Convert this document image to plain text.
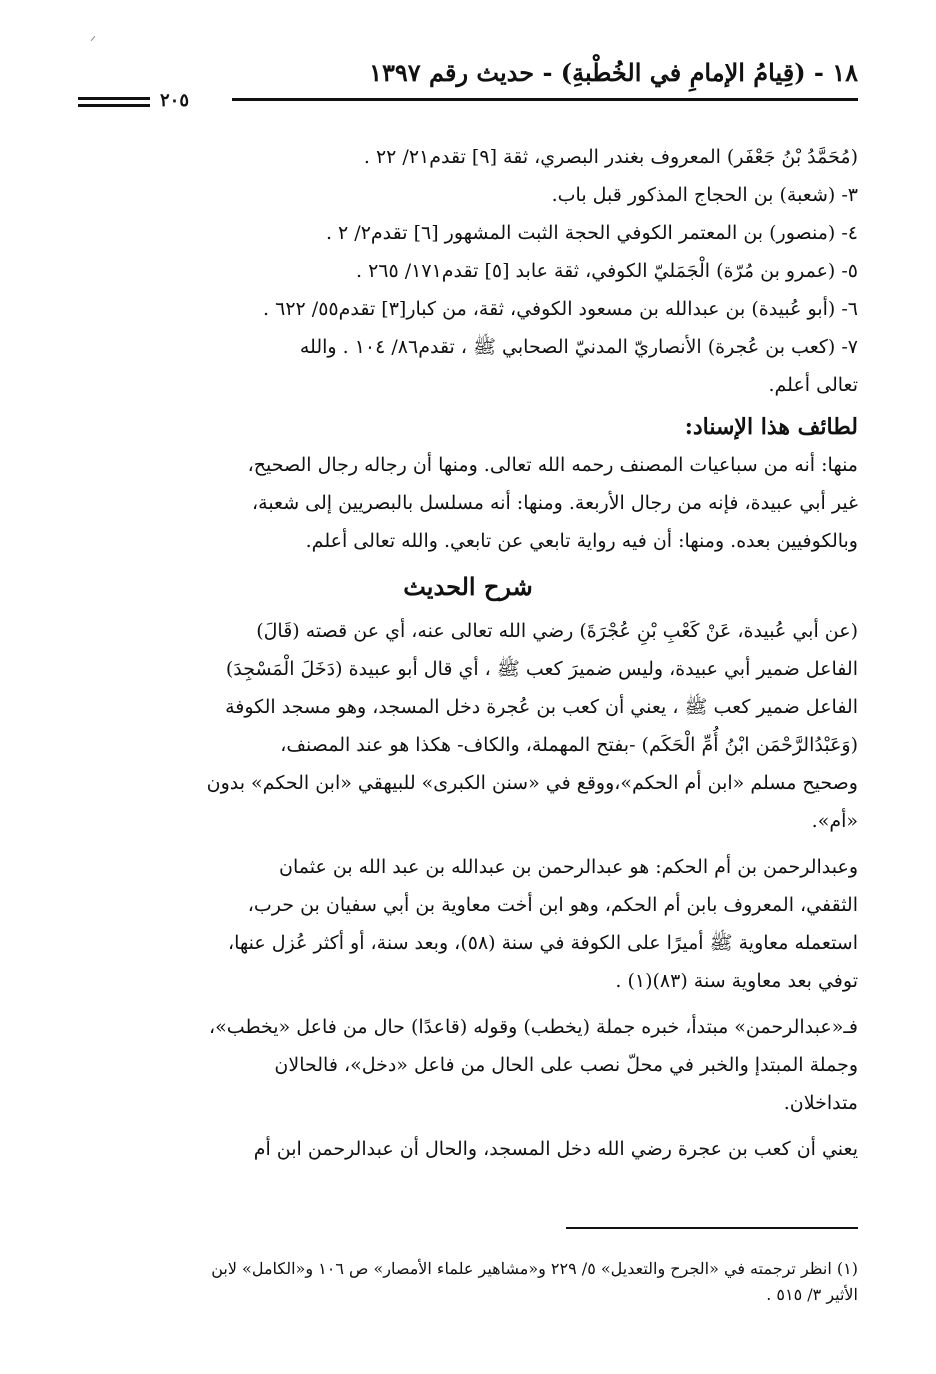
١٨ - (قِيامُ الإمامِ في الخُطْبةِ) - حديث رقم ١٣٩٧
٢٠٥
(مُحَمَّدُ بْنُ جَعْفَر) المعروف بغندر البصري، ثقة [٩] تقدم٢١/ ٢٢ .
٣- (شعبة) بن الحجاج المذكور قبل باب.
٤- (منصور) بن المعتمر الكوفي الحجة الثبت المشهور [٦] تقدم٢/ ٢ .
٥- (عمرو بن مُرّة) الْجَمَليّ الكوفي، ثقة عابد [٥] تقدم١٧١/ ٢٦٥ .
٦- (أبو عُبيدة) بن عبدالله بن مسعود الكوفي، ثقة، من كبار[٣] تقدم٥٥/ ٦٢٢ .
٧- (كعب بن عُجرة) الأنصاريّ المدنيّ الصحابي ﷺ ، تقدم٨٦/ ١٠٤ . والله
تعالى أعلم.
لطائف هذا الإسناد:

منها: أنه من سباعيات المصنف رحمه الله تعالى. ومنها أن رجاله رجال الصحيح،
غير أبي عبيدة، فإنه من رجال الأربعة. ومنها: أنه مسلسل بالبصريين إلى شعبة،
وبالكوفيين بعده. ومنها: أن فيه رواية تابعي عن تابعي. والله تعالى أعلم.

شرح الحديث

(عن أبي عُبيدة، عَنْ كَعْبِ بْنِ عُجْرَةَ) رضي الله تعالى عنه، أي عن قصته (قَالَ)
الفاعل ضمير أبي عبيدة، وليس ضميرَ كعب ﷺ ، أي قال أبو عبيدة (دَخَلَ الْمَسْجِدَ)
الفاعل ضمير كعب ﷺ ، يعني أن كعب بن عُجرة دخل المسجد، وهو مسجد الكوفة
(وَعَبْدُالرَّحْمَن ابْنُ أُمِّ الْحَكَم) -بفتح المهملة، والكاف- هكذا هو عند المصنف،
وصحيح مسلم «ابن أم الحكم»،ووقع في «سنن الكبرى» للبيهقي «ابن الحكم» بدون
«أم».

وعبدالرحمن بن أم الحكم: هو عبدالرحمن بن عبدالله بن عبد الله بن عثمان
الثقفي، المعروف بابن أم الحكم، وهو ابن أخت معاوية بن أبي سفيان بن حرب،
استعمله معاوية ﷺ أميرًا على الكوفة في سنة (٥٨)، وبعد سنة، أو أكثر عُزل عنها،
توفي بعد معاوية سنة (٨٣)(١) .

فـ«عبدالرحمن» مبتدأ، خبره جملة (يخطب) وقوله (قاعدًا) حال من فاعل «يخطب»،
وجملة المبتدإ والخبر في محلّ نصب على الحال من فاعل «دخل»، فالحالان
متداخلان.

يعني أن كعب بن عجرة رضي الله دخل المسجد، والحال أن عبدالرحمن ابن أم

(١) انظر ترجمته في «الجرح والتعديل» ٥/ ٢٢٩ و«مشاهير علماء الأمصار» ص ١٠٦ و«الكامل» لابن
الأثير ٣/ ٥١٥ .
